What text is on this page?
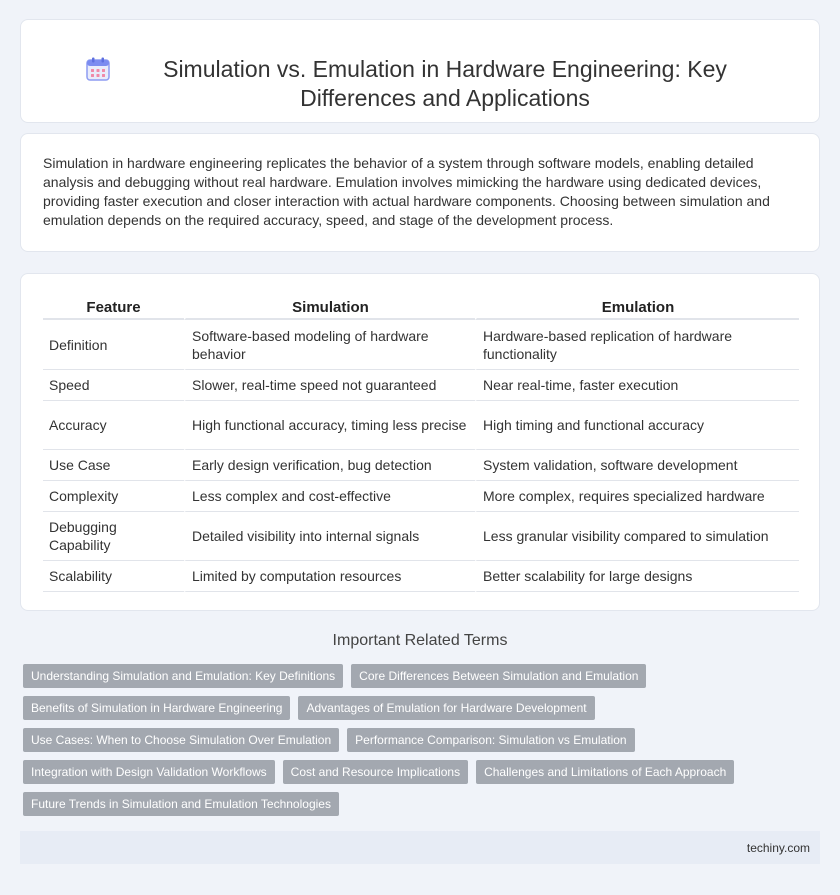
Simulation vs. Emulation in Hardware Engineering: Key Differences and Applications

Simulation in hardware engineering replicates the behavior of a system through software models, enabling detailed analysis and debugging without real hardware. Emulation involves mimicking the hardware using dedicated devices, providing faster execution and closer interaction with actual hardware components. Choosing between simulation and emulation depends on the required accuracy, speed, and stage of the development process.

Feature	Simulation	Emulation
Definition	Software-based modeling of hardware behavior	Hardware-based replication of hardware functionality
Speed	Slower, real-time speed not guaranteed	Near real-time, faster execution
Accuracy	High functional accuracy, timing less precise	High timing and functional accuracy
Use Case	Early design verification, bug detection	System validation, software development
Complexity	Less complex and cost-effective	More complex, requires specialized hardware
Debugging Capability	Detailed visibility into internal signals	Less granular visibility compared to simulation
Scalability	Limited by computation resources	Better scalability for large designs
Important Related Terms
Understanding Simulation and Emulation: Key Definitions	Core Differences Between Simulation and Emulation
Benefits of Simulation in Hardware Engineering	Advantages of Emulation for Hardware Development
Use Cases: When to Choose Simulation Over Emulation	Performance Comparison: Simulation vs Emulation
Integration with Design Validation Workflows	Cost and Resource Implications	Challenges and Limitations of Each Approach
Future Trends in Simulation and Emulation Technologies
techiny.com
